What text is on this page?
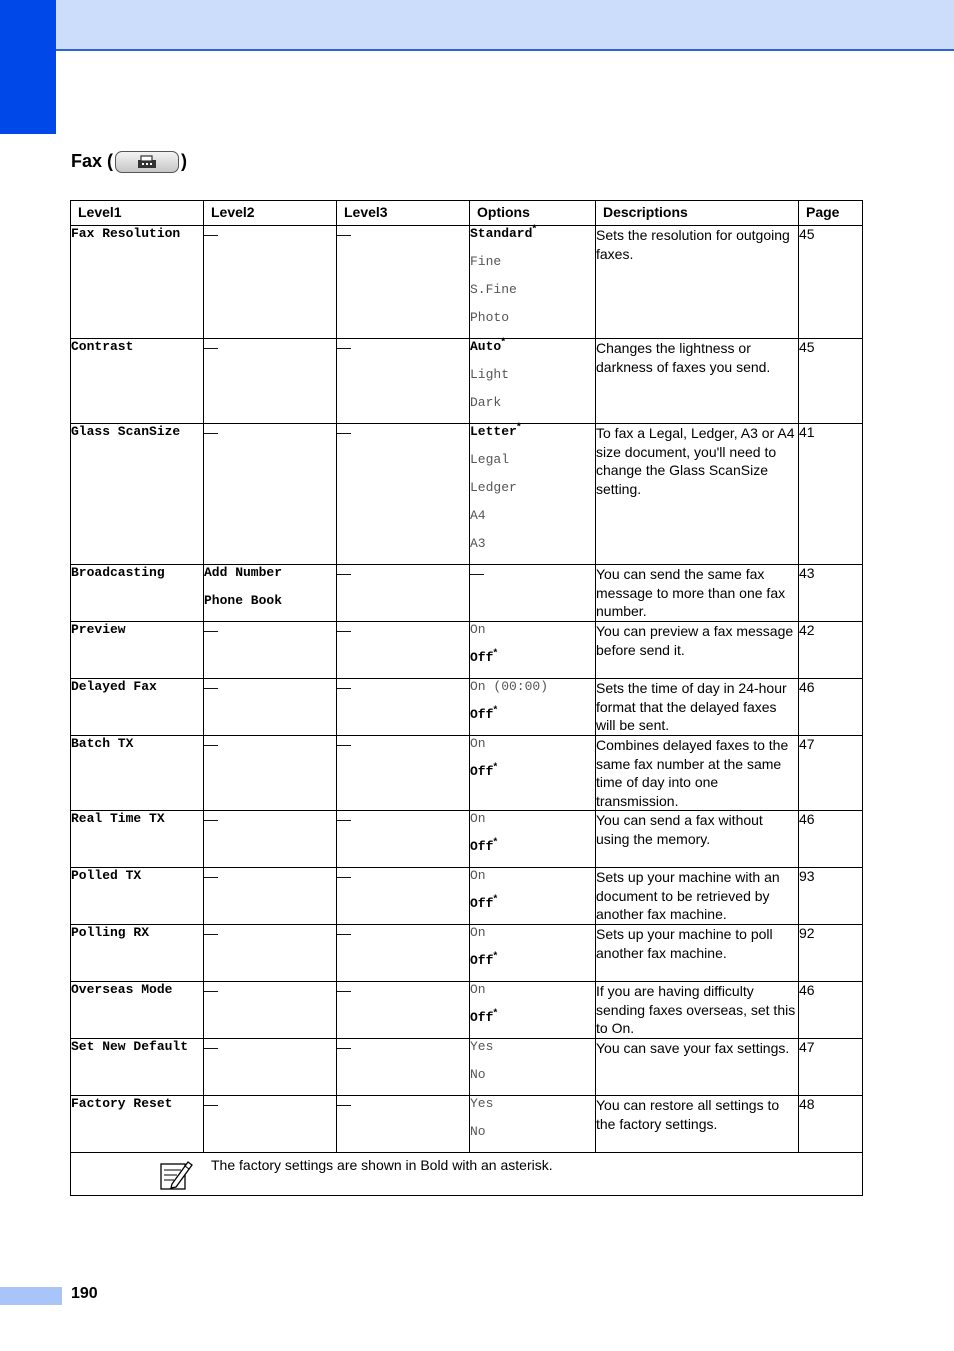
Fax (	)
Level1	Level2	Level3	Options	Descriptions	Page
Fax Resolution	—	—	Standard*
Fine
S.Fine
Photo	Sets the resolution for outgoing faxes.	45
Contrast	—	—	Auto*
Light
Dark	Changes the lightness or darkness of faxes you send.	45
Glass ScanSize	—	—	Letter*
Legal
Ledger
A4
A3	To fax a Legal, Ledger, A3 or A4 size document, you'll need to change the Glass ScanSize setting.	41
Broadcasting	Add Number
Phone Book	—	—	You can send the same fax message to more than one fax number.	43
Preview	—	—	On
Off*	You can preview a fax message before send it.	42
Delayed Fax	—	—	On (00:00)
Off*	Sets the time of day in 24-hour format that the delayed faxes will be sent.	46
Batch TX	—	—	On
Off*	Combines delayed faxes to the same fax number at the same time of day into one transmission.	47
Real Time TX	—	—	On
Off*	You can send a fax without using the memory.	46
Polled TX	—	—	On
Off*	Sets up your machine with an document to be retrieved by another fax machine.	93
Polling RX	—	—	On
Off*	Sets up your machine to poll another fax machine.	92
Overseas Mode	—	—	On
Off*	If you are having difficulty sending faxes overseas, set this to On.	46
Set New Default	—	—	Yes
No	You can save your fax settings.	47
Factory Reset	—	—	Yes
No	You can restore all settings to the factory settings.	48

The factory settings are shown in Bold with an asterisk.					
190
